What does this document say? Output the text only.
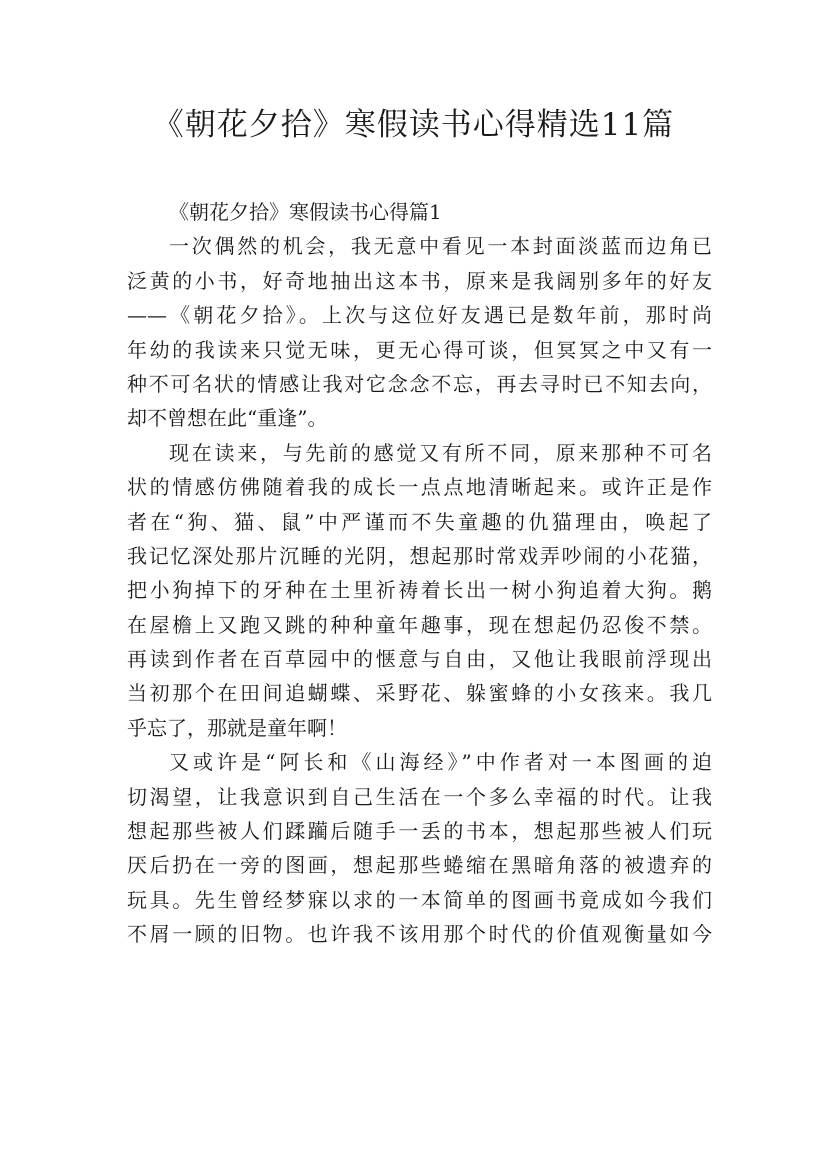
《朝花夕拾》寒假读书心得精选11篇
《朝花夕拾》寒假读书心得篇1
一次偶然的机会，我无意中看见一本封面淡蓝而边角已
泛黄的小书，好奇地抽出这本书，原来是我阔别多年的好友
——《朝花夕拾》。上次与这位好友遇已是数年前，那时尚
年幼的我读来只觉无味，更无心得可谈，但冥冥之中又有一
种不可名状的情感让我对它念念不忘，再去寻时已不知去向，
却不曾想在此“重逢”。
现在读来，与先前的感觉又有所不同，原来那种不可名
状的情感仿佛随着我的成长一点点地清晰起来。或许正是作
者在“狗、猫、鼠”中严谨而不失童趣的仇猫理由，唤起了
我记忆深处那片沉睡的光阴，想起那时常戏弄吵闹的小花猫，
把小狗掉下的牙种在土里祈祷着长出一树小狗追着大狗。鹅
在屋檐上又跑又跳的种种童年趣事，现在想起仍忍俊不禁。
再读到作者在百草园中的惬意与自由，又他让我眼前浮现出
当初那个在田间追蝴蝶、采野花、躲蜜蜂的小女孩来。我几
乎忘了，那就是童年啊！
又或许是“阿长和《山海经》”中作者对一本图画的迫
切渴望，让我意识到自己生活在一个多么幸福的时代。让我
想起那些被人们蹂躏后随手一丢的书本，想起那些被人们玩
厌后扔在一旁的图画，想起那些蜷缩在黑暗角落的被遗弃的
玩具。先生曾经梦寐以求的一本简单的图画书竟成如今我们
不屑一顾的旧物。也许我不该用那个时代的价值观衡量如今
